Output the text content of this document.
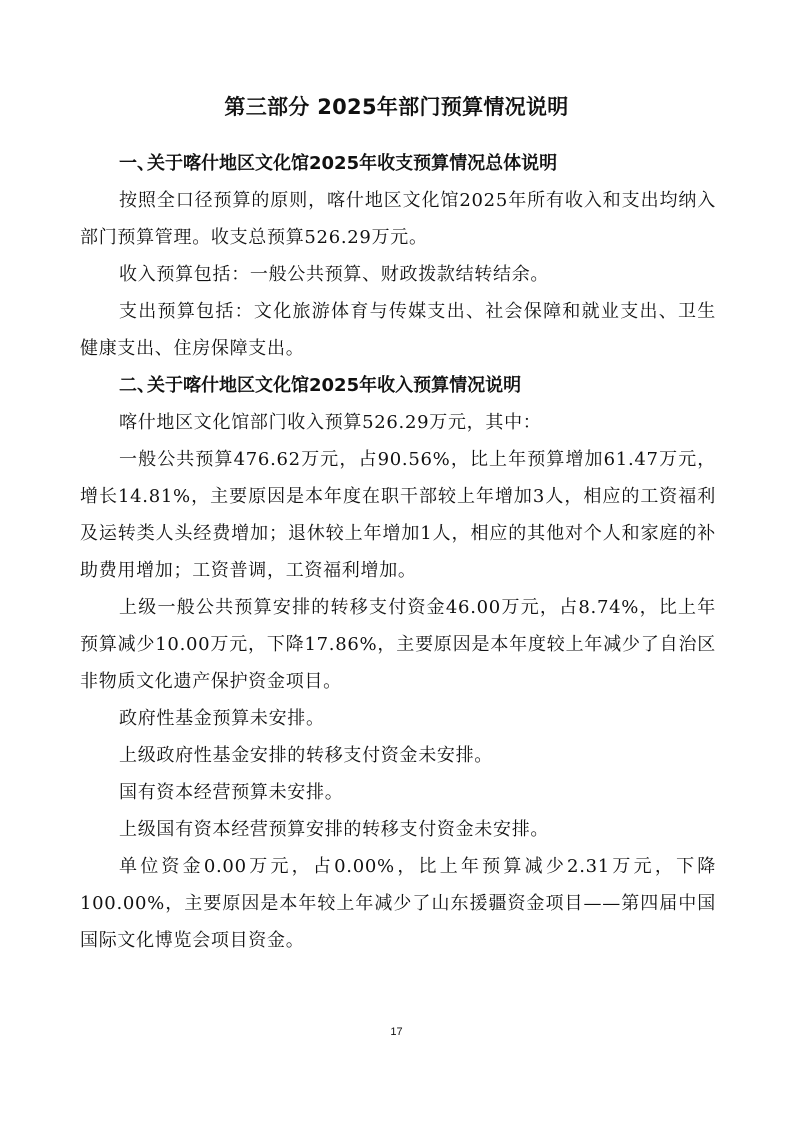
第三部分 2025年部门预算情况说明
一、关于喀什地区文化馆2025年收支预算情况总体说明

按照全口径预算的原则，喀什地区文化馆2025年所有收入和支出均纳入部门预算管理。收支总预算526.29万元。

收入预算包括：一般公共预算、财政拨款结转结余。

支出预算包括：文化旅游体育与传媒支出、社会保障和就业支出、卫生健康支出、住房保障支出。

二、关于喀什地区文化馆2025年收入预算情况说明

喀什地区文化馆部门收入预算526.29万元，其中：

一般公共预算476.62万元，占90.56%，比上年预算增加61.47万元，增长14.81%，主要原因是本年度在职干部较上年增加3人，相应的工资福利及运转类人头经费增加；退休较上年增加1人，相应的其他对个人和家庭的补助费用增加；工资普调，工资福利增加。

上级一般公共预算安排的转移支付资金46.00万元，占8.74%，比上年预算减少10.00万元，下降17.86%，主要原因是本年度较上年减少了自治区非物质文化遗产保护资金项目。

政府性基金预算未安排。

上级政府性基金安排的转移支付资金未安排。

国有资本经营预算未安排。

上级国有资本经营预算安排的转移支付资金未安排。

单位资金0.00万元，占0.00%，比上年预算减少2.31万元，下降100.00%，主要原因是本年较上年减少了山东援疆资金项目——第四届中国国际文化博览会项目资金。

17
